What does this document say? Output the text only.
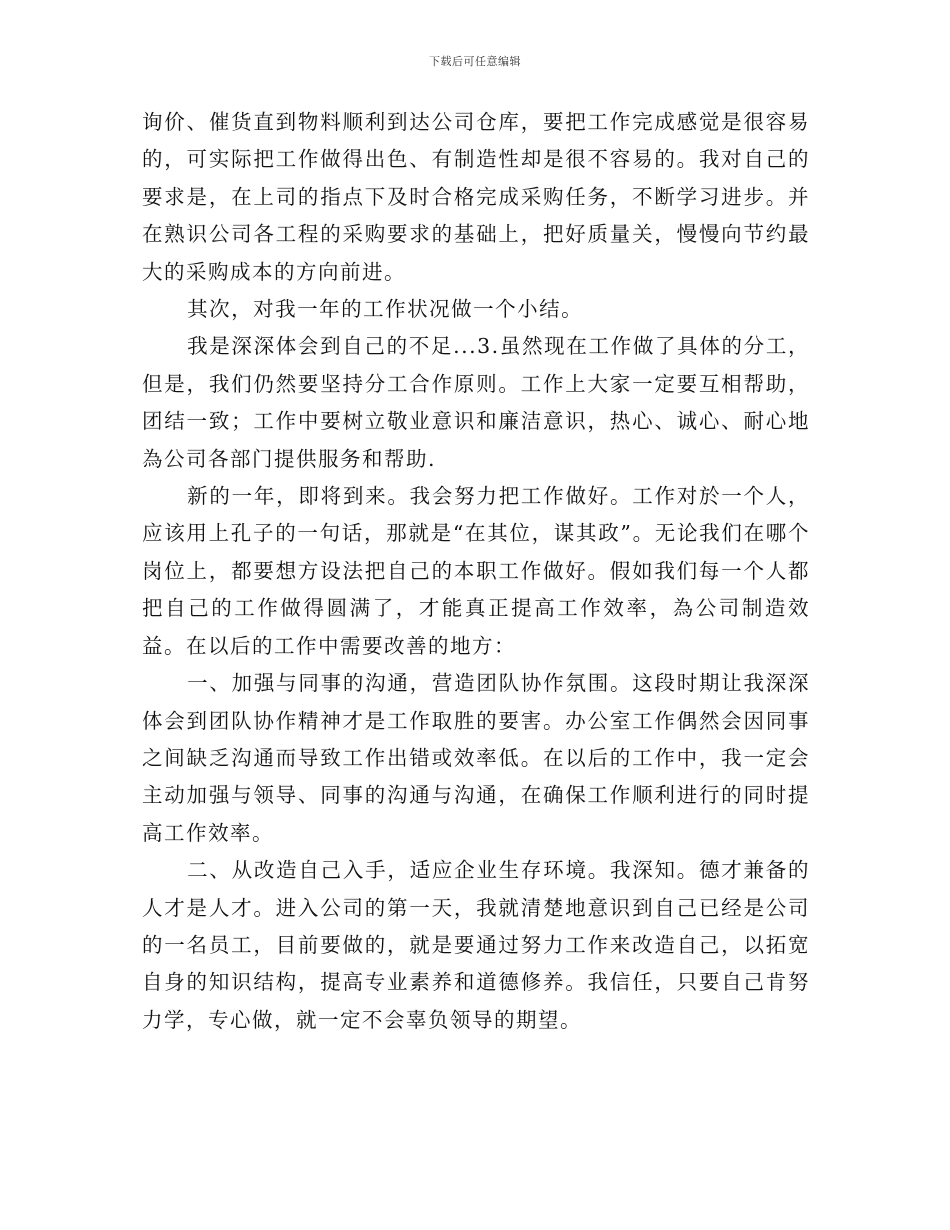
下载后可任意编辑

询价、催货直到物料顺利到达公司仓库，要把工作完成感觉是很容易的，可实际把工作做得出色、有制造性却是很不容易的。我对自己的要求是，在上司的指点下及时合格完成采购任务，不断学习进步。并在熟识公司各工程的采购要求的基础上，把好质量关，慢慢向节约最大的采购成本的方向前进。

其次，对我一年的工作状况做一个小结。

我是深深体会到自己的不足...3.虽然现在工作做了具体的分工，但是，我们仍然要坚持分工合作原则。工作上大家一定要互相帮助，团结一致；工作中要树立敬业意识和廉洁意识，热心、诚心、耐心地為公司各部门提供服务和帮助.

新的一年，即将到来。我会努力把工作做好。工作对於一个人，应该用上孔子的一句话，那就是“在其位，谋其政”。无论我们在哪个岗位上，都要想方设法把自己的本职工作做好。假如我们每一个人都把自己的工作做得圆满了，才能真正提高工作效率，為公司制造效益。在以后的工作中需要改善的地方：

一、加强与同事的沟通，营造团队协作氛围。这段时期让我深深体会到团队协作精神才是工作取胜的要害。办公室工作偶然会因同事之间缺乏沟通而导致工作出错或效率低。在以后的工作中，我一定会主动加强与领导、同事的沟通与沟通，在确保工作顺利进行的同时提高工作效率。

二、从改造自己入手，适应企业生存环境。我深知。德才兼备的人才是人才。进入公司的第一天，我就清楚地意识到自己已经是公司的一名员工，目前要做的，就是要通过努力工作来改造自己，以拓宽自身的知识结构，提高专业素养和道德修养。我信任，只要自己肯努力学，专心做，就一定不会辜负领导的期望。
